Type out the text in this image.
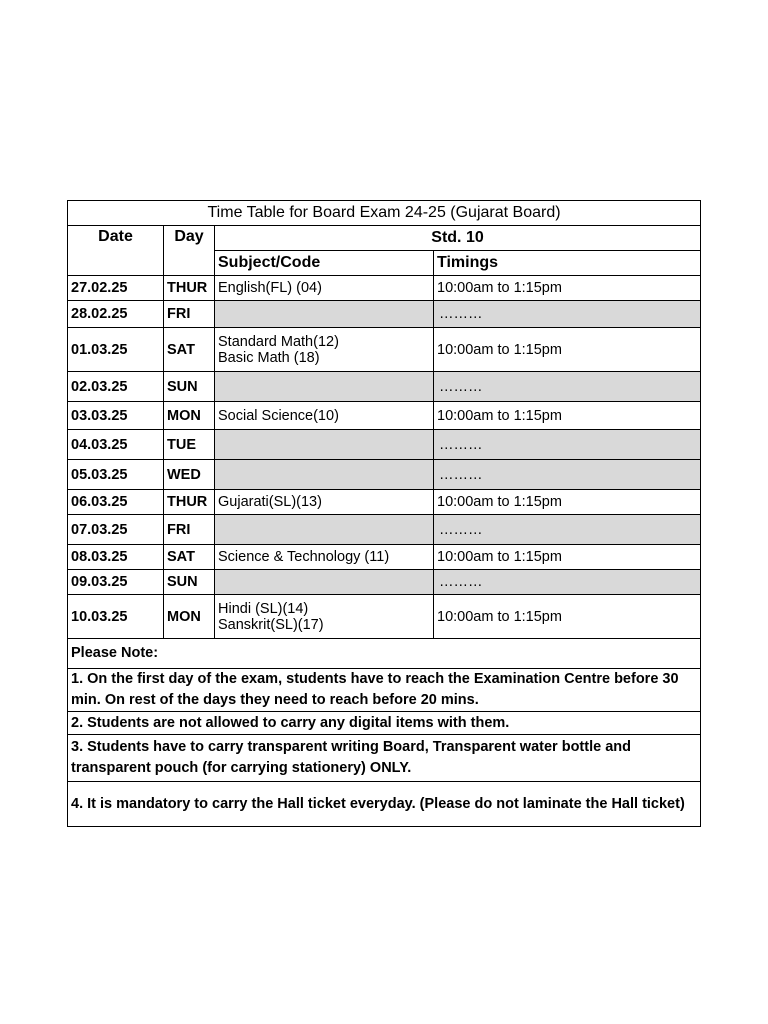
Time Table for Board Exam 24-25 (Gujarat Board)			
Date	Day	Std. 10	
		Subject/Code	Timings
27.02.25	THUR	English(FL) (04)	10:00am to 1:15pm
28.02.25	FRI		………
01.03.25	SAT	Standard Math(12)
Basic Math (18)	10:00am to 1:15pm
02.03.25	SUN		………
03.03.25	MON	Social Science(10)	10:00am to 1:15pm
04.03.25	TUE		………
05.03.25	WED		………
06.03.25	THUR	Gujarati(SL)(13)	10:00am to 1:15pm
07.03.25	FRI		………
08.03.25	SAT	Science & Technology (11)	10:00am to 1:15pm
09.03.25	SUN		………
10.03.25	MON	Hindi (SL)(14)
Sanskrit(SL)(17)	10:00am to 1:15pm
Please Note:			
1. On the first day of the exam, students have to reach the Examination Centre before 30 min. On rest of the days they need to reach before 20 mins.			
2. Students are not allowed to carry any digital items with them.			
3. Students have to carry transparent writing Board, Transparent water bottle and transparent pouch (for carrying stationery) ONLY.			
4. It is mandatory to carry the Hall ticket everyday. (Please do not laminate the Hall ticket)			
